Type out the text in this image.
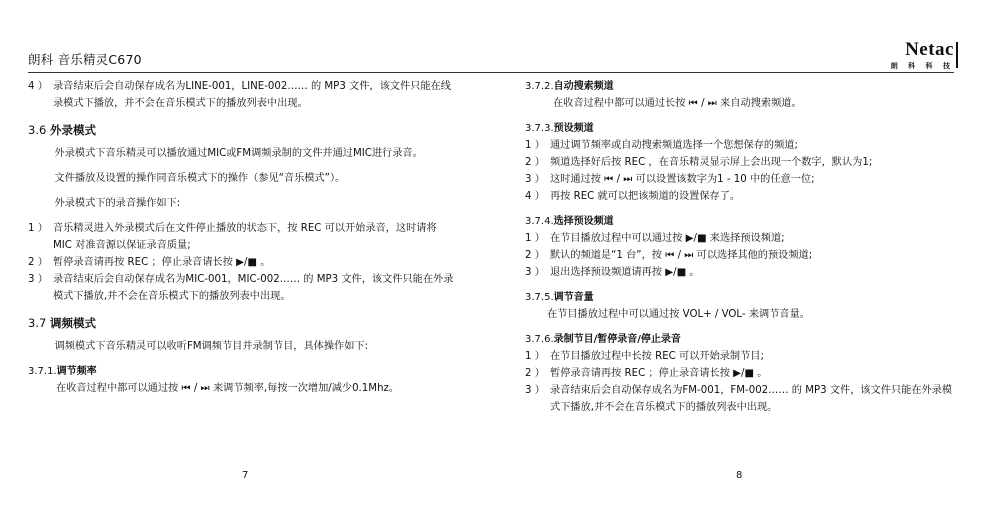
朗科 音乐精灵C670	Netac
朗 科 科 技
4 ） 录音结束后会自动保存成名为LINE-001，LINE-002…… 的 MP3 文件，该文件只能在线录模式下播放，并不会在音乐模式下的播放列表中出现。
3.6 外录模式
外录模式下音乐精灵可以播放通过MIC或FM调频录制的文件并通过MIC进行录音。
文件播放及设置的操作同音乐模式下的操作（参见“音乐模式”）。
外录模式下的录音操作如下:
1 ） 音乐精灵进入外录模式后在文件停止播放的状态下，按 REC 可以开始录音，这时请将 MIC 对准音源以保证录音质量;
2 ） 暂停录音请再按 REC ；停止录音请长按 ▶/■ 。
3 ） 录音结束后会自动保存成名为MIC-001，MIC-002…… 的 MP3 文件，该文件只能在外录模式下播放,并不会在音乐模式下的播放列表中出现。
3.7 调频模式
调频模式下音乐精灵可以收听FM调频节目并录制节目，具体操作如下:
3.7.1.调节频率
在收音过程中都可以通过按 ⏮ / ⏭ 来调节频率,每按一次增加/减少0.1Mhz。
7
3.7.2.自动搜索频道
在收音过程中都可以通过长按 ⏮ / ⏭ 来自动搜索频道。
3.7.3.预设频道
1 ） 通过调节频率或自动搜索频道选择一个您想保存的频道;
2 ） 频道选择好后按 REC ，在音乐精灵显示屏上会出现一个数字，默认为1;
3 ） 这时通过按 ⏮ / ⏭ 可以设置该数字为1 - 10 中的任意一位;
4 ） 再按 REC 就可以把该频道的设置保存了。
3.7.4.选择预设频道
1 ） 在节目播放过程中可以通过按 ▶/■ 来选择预设频道;
2 ） 默认的频道是“1 台”，按 ⏮ / ⏭ 可以选择其他的预设频道;
3 ） 退出选择预设频道请再按 ▶/■ 。
3.7.5.调节音量
在节目播放过程中可以通过按 VOL+ / VOL- 来调节音量。
3.7.6.录制节目/暂停录音/停止录音
1 ） 在节目播放过程中长按 REC 可以开始录制节目;
2 ） 暂停录音请再按 REC ；停止录音请长按 ▶/■ 。
3 ） 录音结束后会自动保存成名为FM-001，FM-002…… 的 MP3 文件，该文件只能在外录模式下播放,并不会在音乐模式下的播放列表中出现。
8
